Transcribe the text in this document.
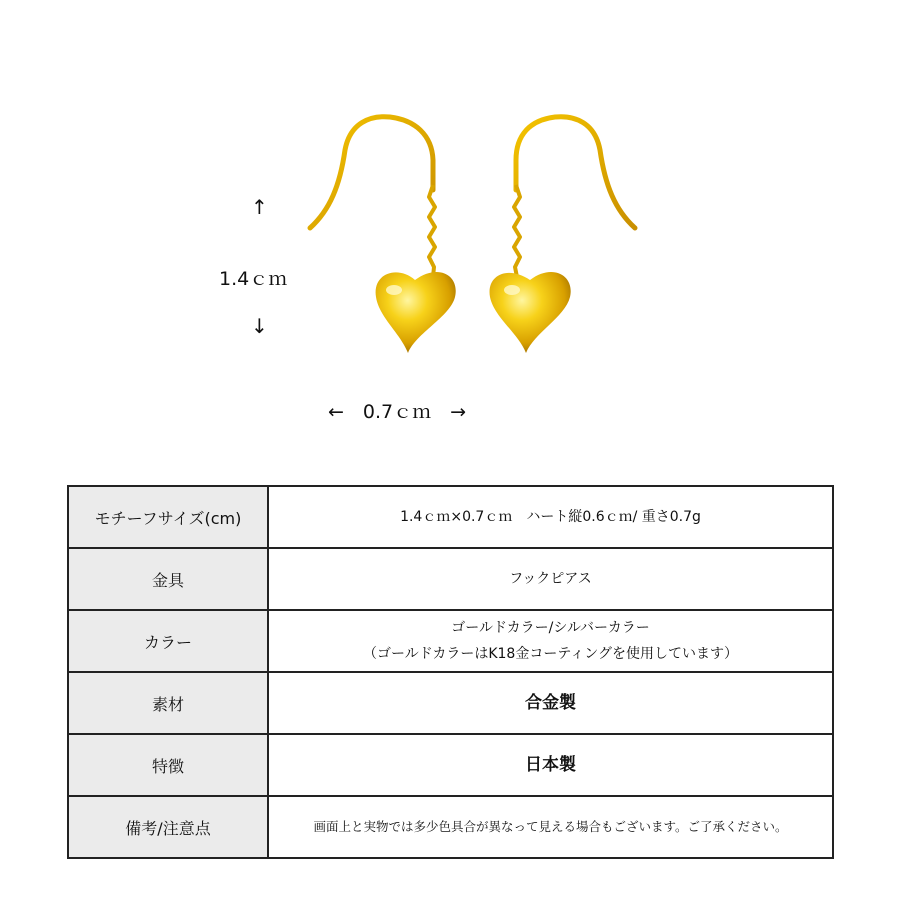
↑
1.4ｃｍ
↓
←　0.7ｃｍ　→
モチーフサイズ(cm)	1.4ｃｍ×0.7ｃｍ　ハート縦0.6ｃｍ/ 重さ0.7g
金具	フックピアス
カラー	ゴールドカラー/シルバーカラー
（ゴールドカラーはK18金コーティングを使用しています）

素材	合金製
特徴	日本製
備考/注意点	画面上と実物では多少色具合が異なって見える場合もございます。ご了承ください。
